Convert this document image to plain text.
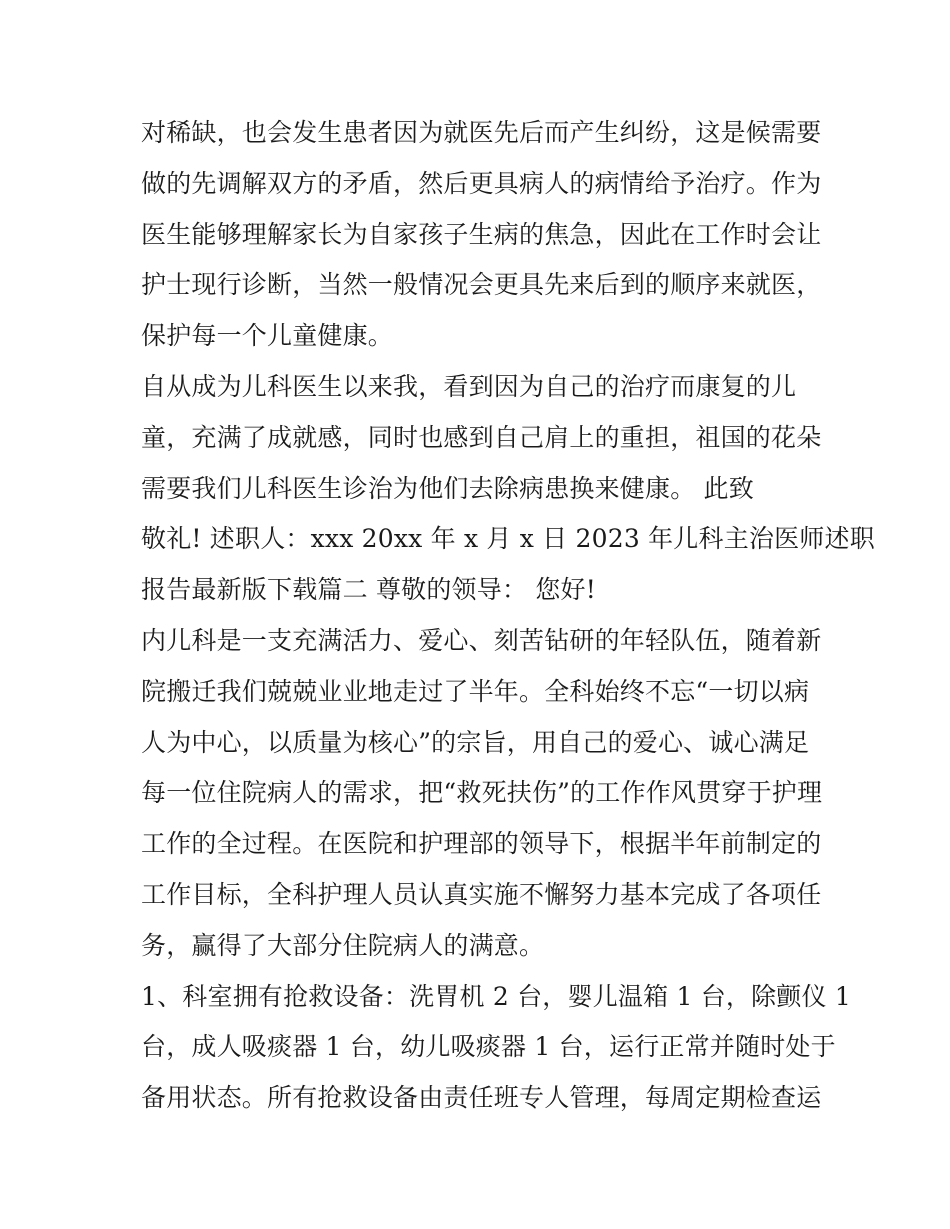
对稀缺，也会发生患者因为就医先后而产生纠纷，这是候需要
做的先调解双方的矛盾，然后更具病人的病情给予治疗。作为
医生能够理解家长为自家孩子生病的焦急，因此在工作时会让
护士现行诊断，当然一般情况会更具先来后到的顺序来就医，
保护每一个儿童健康。
自从成为儿科医生以来我，看到因为自己的治疗而康复的儿
童，充满了成就感，同时也感到自己肩上的重担，祖国的花朵
需要我们儿科医生诊治为他们去除病患换来健康。 此致
敬礼! 述职人：xxx 20xx 年 x 月 x 日 2023 年儿科主治医师述职
报告最新版下载篇二 尊敬的领导： 您好!
内儿科是一支充满活力、爱心、刻苦钻研的年轻队伍，随着新
院搬迁我们兢兢业业地走过了半年。全科始终不忘“一切以病
人为中心，以质量为核心”的宗旨，用自己的爱心、诚心满足
每一位住院病人的需求，把“救死扶伤”的工作作风贯穿于护理
工作的全过程。在医院和护理部的领导下，根据半年前制定的
工作目标，全科护理人员认真实施不懈努力基本完成了各项任
务，赢得了大部分住院病人的满意。
1、科室拥有抢救设备：洗胃机 2 台，婴儿温箱 1 台，除颤仪 1
台，成人吸痰器 1 台，幼儿吸痰器 1 台，运行正常并随时处于
备用状态。所有抢救设备由责任班专人管理，每周定期检查运
